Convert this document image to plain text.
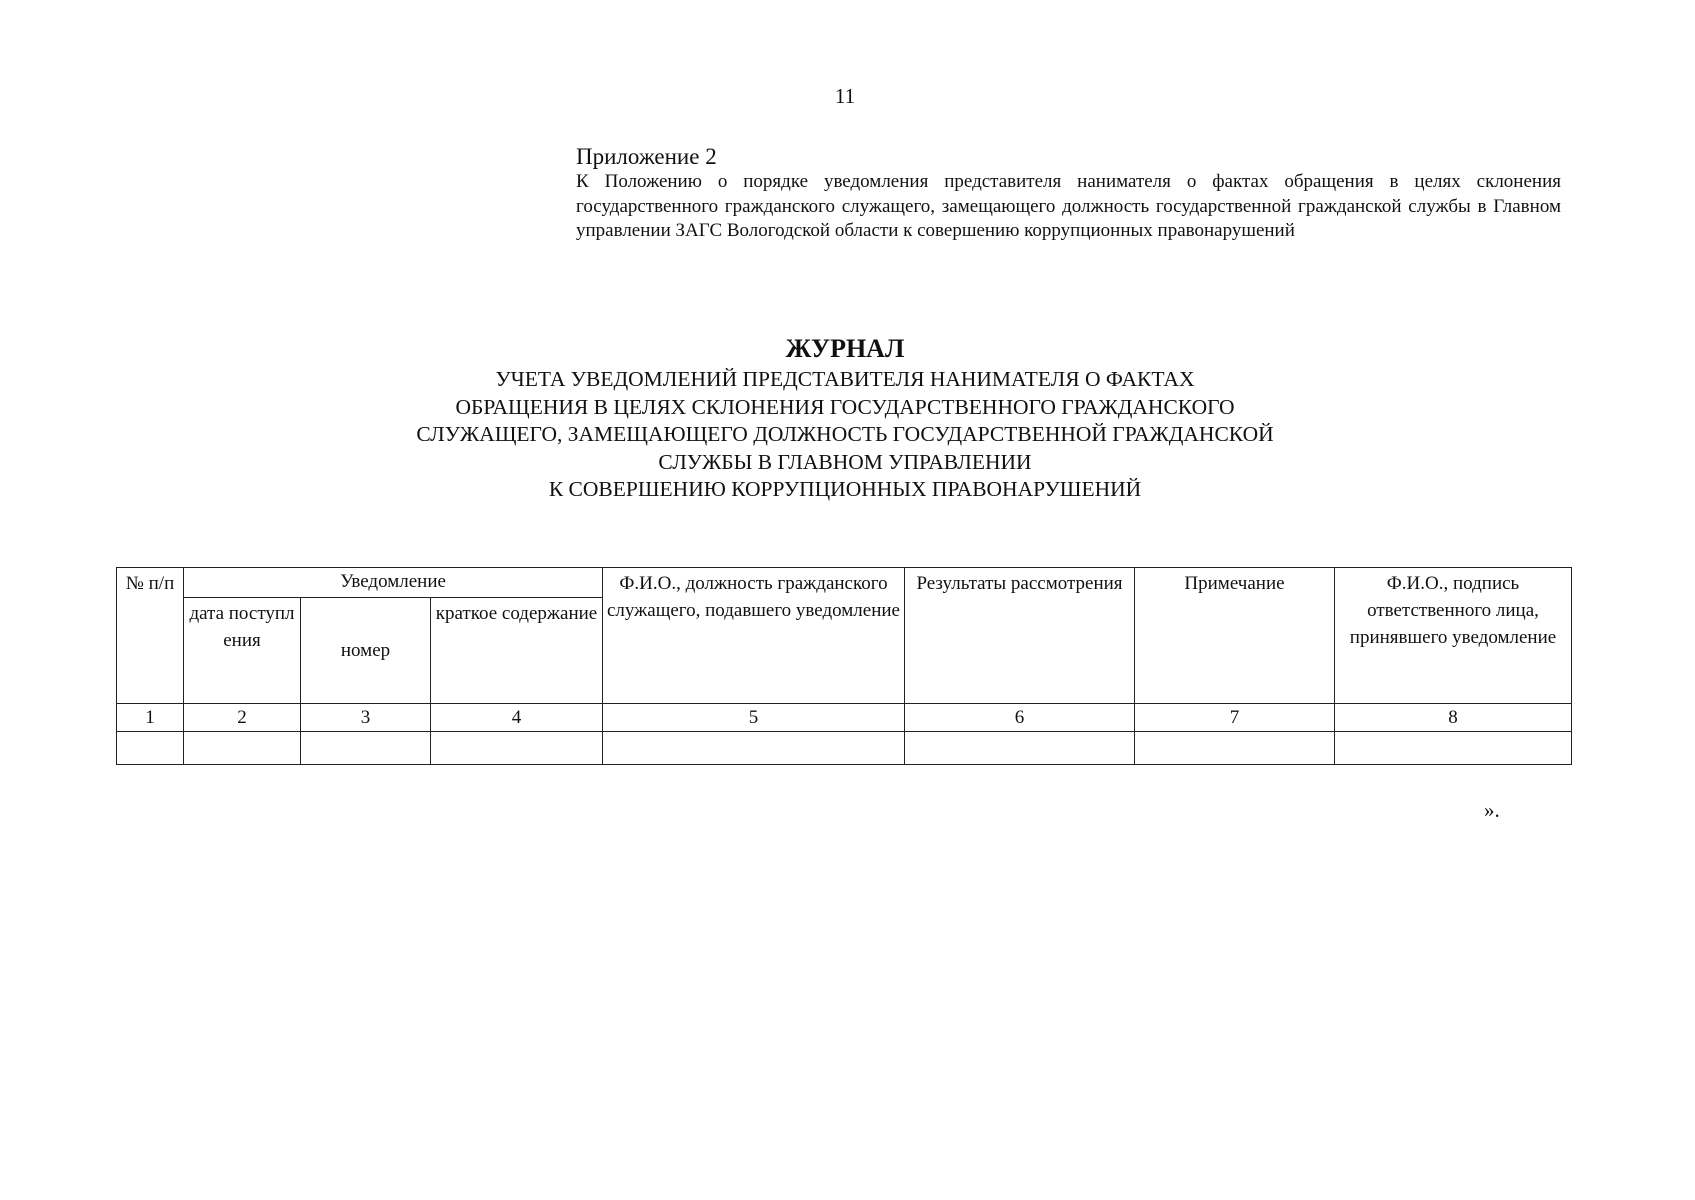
11
Приложение 2
К Положению о порядке уведомления представителя нанимателя о фактах обращения в целях склонения государственного гражданского служащего, замещающего должность государственной гражданской службы в Главном управлении ЗАГС Вологодской области к совершению коррупционных правонарушений
ЖУРНАЛ
УЧЕТА УВЕДОМЛЕНИЙ ПРЕДСТАВИТЕЛЯ НАНИМАТЕЛЯ О ФАКТАХ
ОБРАЩЕНИЯ В ЦЕЛЯХ СКЛОНЕНИЯ ГОСУДАРСТВЕННОГО ГРАЖДАНСКОГО
СЛУЖАЩЕГО, ЗАМЕЩАЮЩЕГО ДОЛЖНОСТЬ ГОСУДАРСТВЕННОЙ ГРАЖДАНСКОЙ
СЛУЖБЫ В ГЛАВНОМ УПРАВЛЕНИИ
К СОВЕРШЕНИЮ КОРРУПЦИОННЫХ ПРАВОНАРУШЕНИЙ
№ п/п	Уведомление			Ф.И.О., должность гражданского служащего, подавшего уведомление	Результаты рассмотрения	Примечание	Ф.И.О., подпись ответственного лица, принявшего уведомление
	дата поступл ения	номер	краткое содержание				
1	2	3	4	5	6	7	8

».
